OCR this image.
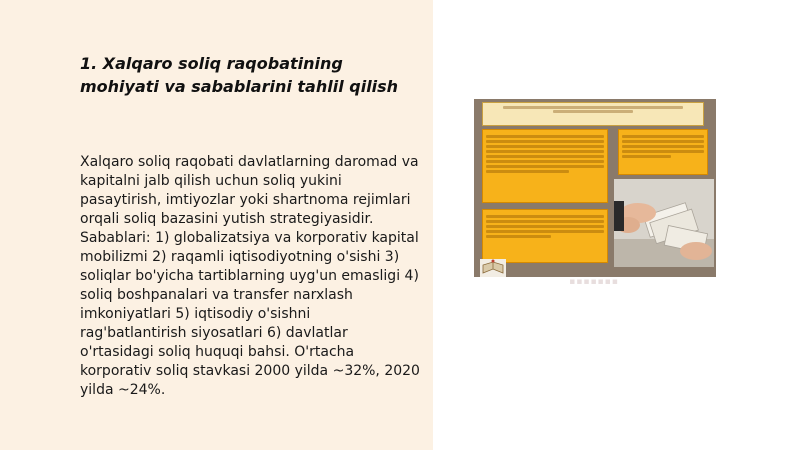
1. Xalqaro soliq raqobatining mohiyati va sabablarini tahlil qilish

Xalqaro soliq raqobati davlatlarning daromad va kapitalni jalb qilish uchun soliq yukini pasaytirish, imtiyozlar yoki shartnoma rejimlari orqali soliq bazasini yutish strategiyasidir. Sabablari: 1) globalizatsiya va korporativ kapital mobilizmi 2) raqamli iqtisodiyotning o'sishi 3) soliqlar bo'yicha tartiblarning uyg'un emasligi 4) soliq boshpanalari va transfer narxlash imkoniyatlari 5) iqtisodiy o'sishni rag'batlantirish siyosatlari 6) davlatlar o'rtasidagi soliq huquqi bahsi. O'rtacha korporativ soliq stavkasi 2000 yilda ~32%, 2020 yilda ~24%.

▪▪▪▪▪▪▪
